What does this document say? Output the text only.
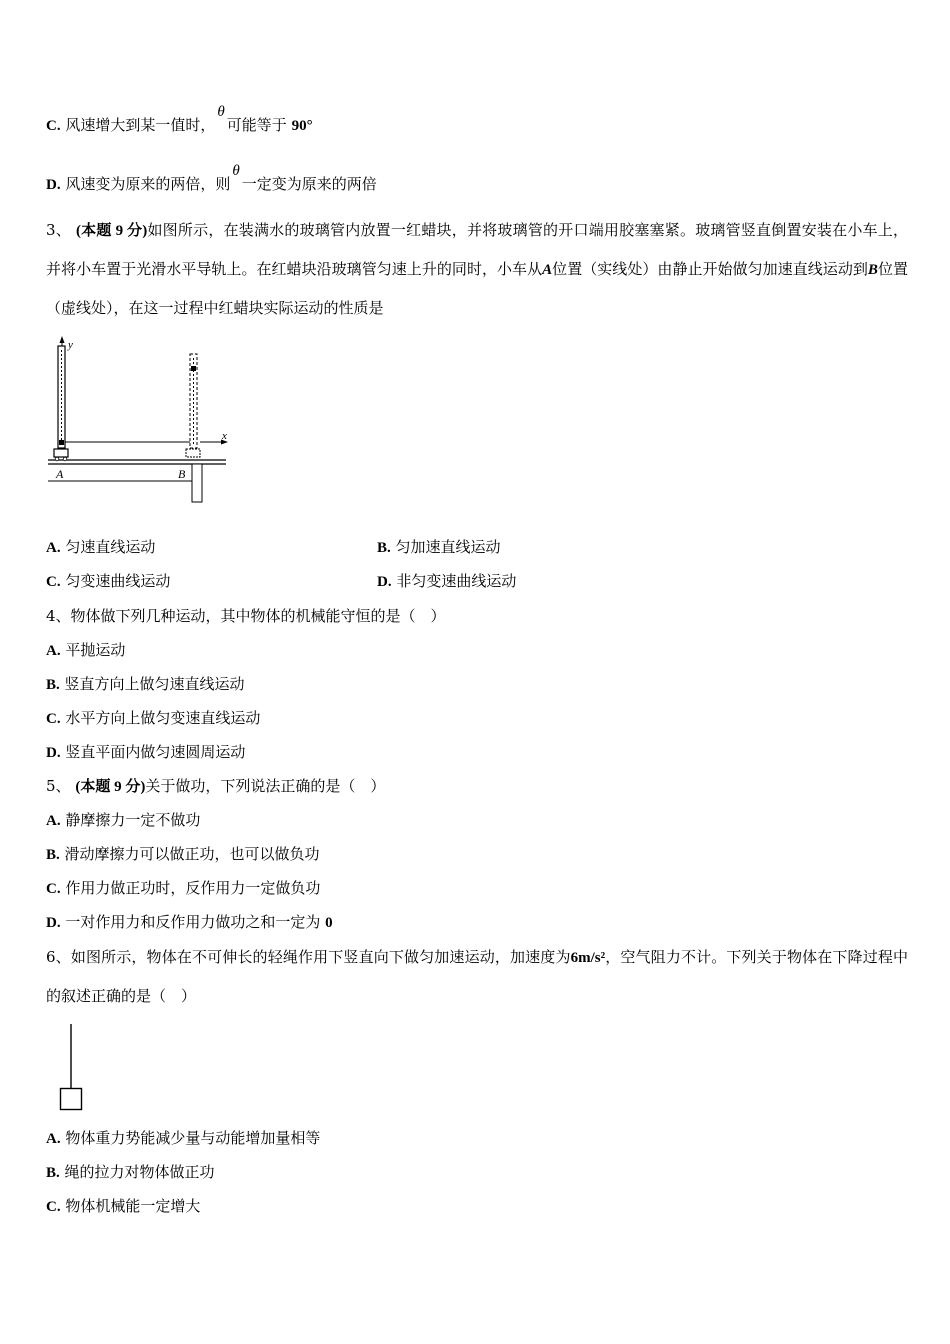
C. 风速增大到某一值时，θ可能等于 90°
D. 风速变为原来的两倍，则θ一定变为原来的两倍
3、 (本题 9 分)如图所示，在装满水的玻璃管内放置一红蜡块，并将玻璃管的开口端用胶塞塞紧。玻璃管竖直倒置安装在小车上，并将小车置于光滑水平导轨上。在红蜡块沿玻璃管匀速上升的同时，小车从A位置（实线处）由静止开始做匀加速直线运动到B位置（虚线处），在这一过程中红蜡块实际运动的性质是
y
x
A	B
A. 匀速直线运动	B. 匀加速直线运动
C. 匀变速曲线运动	D. 非匀变速曲线运动
4、物体做下列几种运动，其中物体的机械能守恒的是（　）
A. 平抛运动
B. 竖直方向上做匀速直线运动
C. 水平方向上做匀变速直线运动
D. 竖直平面内做匀速圆周运动
5、 (本题 9 分)关于做功，下列说法正确的是（　）
A. 静摩擦力一定不做功
B. 滑动摩擦力可以做正功，也可以做负功
C. 作用力做正功时，反作用力一定做负功
D. 一对作用力和反作用力做功之和一定为 0
6、如图所示，物体在不可伸长的轻绳作用下竖直向下做匀加速运动，加速度为6m/s²，空气阻力不计。下列关于物体在下降过程中的叙述正确的是（　）
A. 物体重力势能减少量与动能增加量相等
B. 绳的拉力对物体做正功
C. 物体机械能一定增大
